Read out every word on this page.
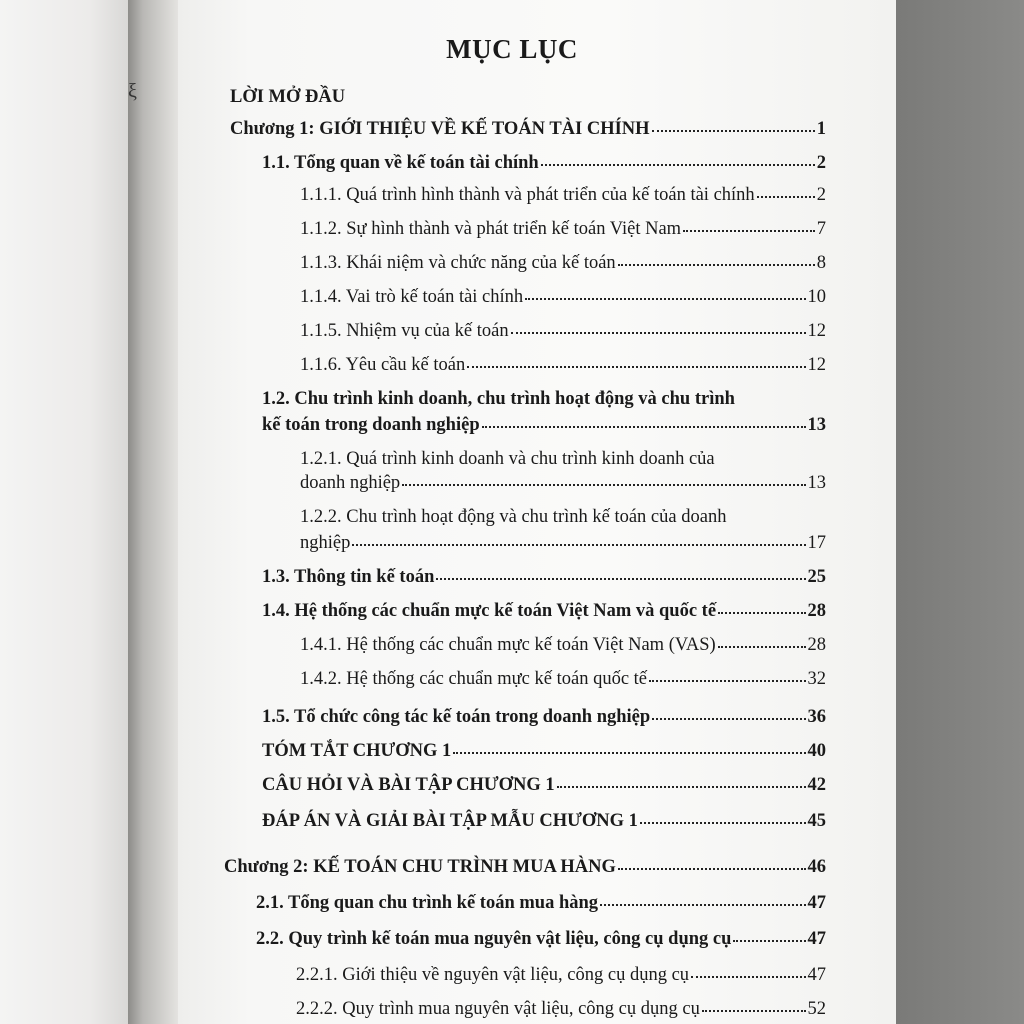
ξ
MỤC LỤC
LỜI MỞ ĐẦU
Chương 1: GIỚI THIỆU VỀ KẾ TOÁN TÀI CHÍNH	1
1.1. Tổng quan về kế toán tài chính	2
1.1.1. Quá trình hình thành và phát triển của kế toán tài chính	2
1.1.2. Sự hình thành và phát triển kế toán Việt Nam	7
1.1.3. Khái niệm và chức năng của kế toán	8
1.1.4. Vai trò kế toán tài chính	10
1.1.5. Nhiệm vụ của kế toán	12
1.1.6. Yêu cầu kế toán	12
1.2. Chu trình kinh doanh, chu trình hoạt động và chu trình
kế toán trong doanh nghiệp	13
1.2.1. Quá trình kinh doanh và chu trình kinh doanh của
doanh nghiệp	13
1.2.2. Chu trình hoạt động và chu trình kế toán của doanh
nghiệp	17
1.3. Thông tin kế toán	25
1.4. Hệ thống các chuẩn mực kế toán Việt Nam và quốc tế	28
1.4.1. Hệ thống các chuẩn mực kế toán Việt Nam (VAS)	28
1.4.2. Hệ thống các chuẩn mực kế toán quốc tế	32
1.5. Tổ chức công tác kế toán trong doanh nghiệp	36
TÓM TẮT CHƯƠNG 1	40
CÂU HỎI VÀ BÀI TẬP CHƯƠNG 1	42
ĐÁP ÁN VÀ GIẢI BÀI TẬP MẪU CHƯƠNG 1	45
Chương 2: KẾ TOÁN CHU TRÌNH MUA HÀNG	46
2.1. Tổng quan chu trình kế toán mua hàng	47
2.2. Quy trình kế toán mua nguyên vật liệu, công cụ dụng cụ	47
2.2.1. Giới thiệu về nguyên vật liệu, công cụ dụng cụ	47
2.2.2. Quy trình mua nguyên vật liệu, công cụ dụng cụ	52
